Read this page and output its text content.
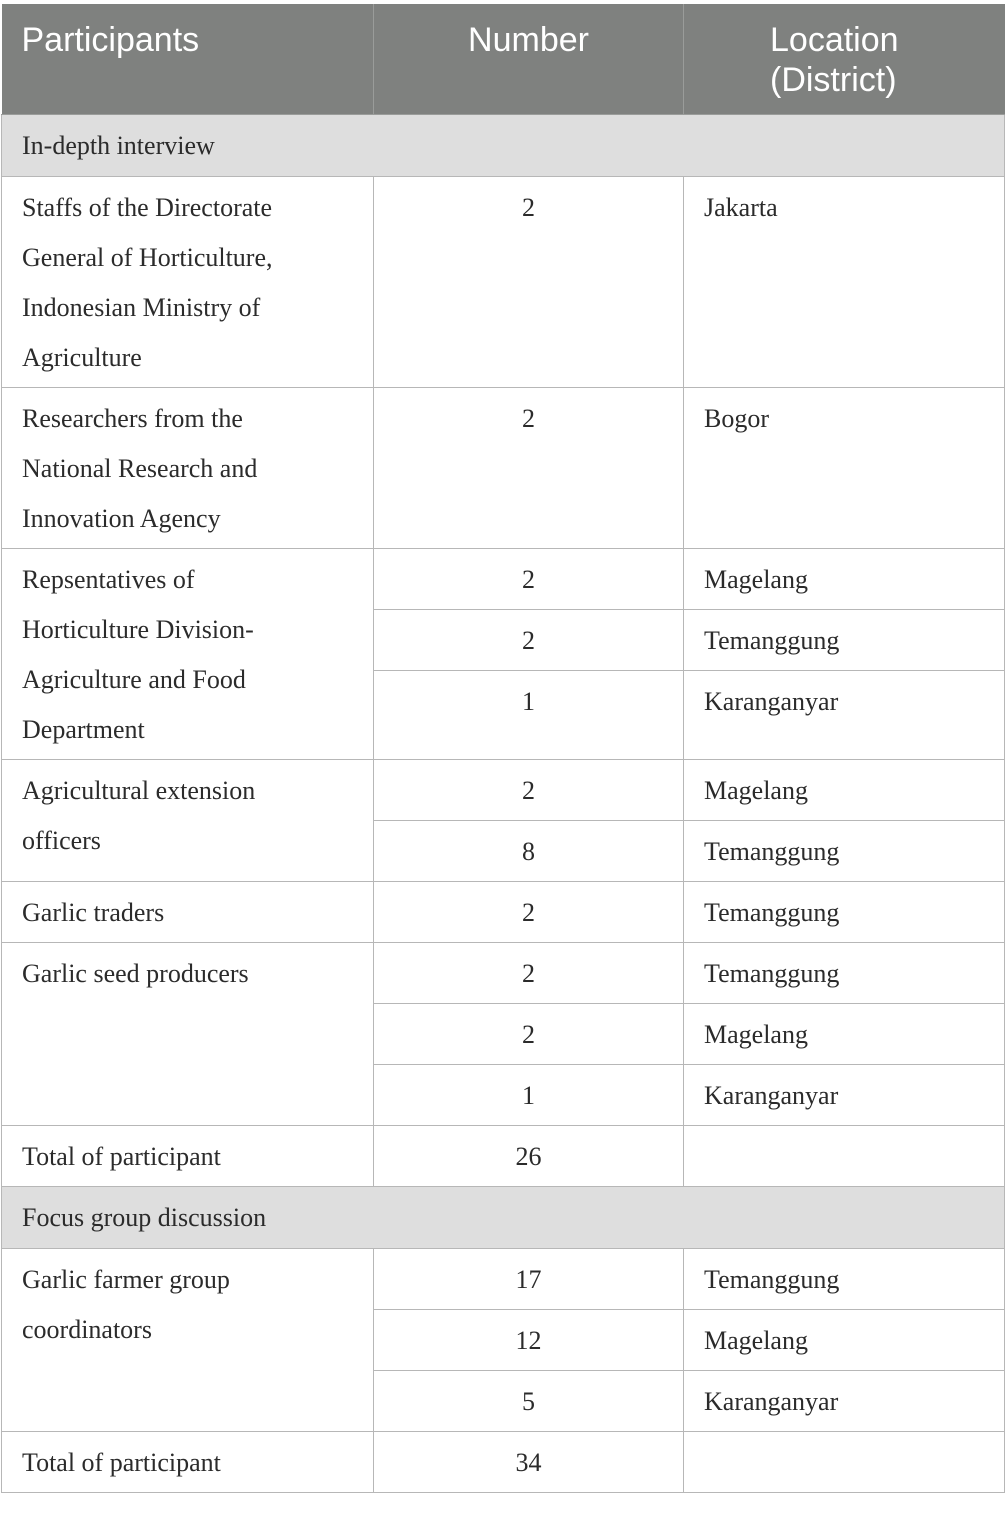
Participants	Number	Location
(District)
In-depth interview		

Staffs of the Directorate
General of Horticulture,
Indonesian Ministry of
Agriculture	2	Jakarta

Researchers from the
National Research and
Innovation Agency	2	Bogor

Repsentatives of
Horticulture Division-
Agriculture and Food
Department	2	Magelang
	2	Temanggung
	1	Karanganyar

Agricultural extension
officers	2	Magelang
	8	Temanggung

Garlic traders	2	Temanggung

Garlic seed producers	2	Temanggung
	2	Magelang
	1	Karanganyar
Total of participant	26	
Focus group discussion		

Garlic farmer group
coordinators	17	Temanggung
	12	Magelang
	5	Karanganyar
Total of participant	34	
